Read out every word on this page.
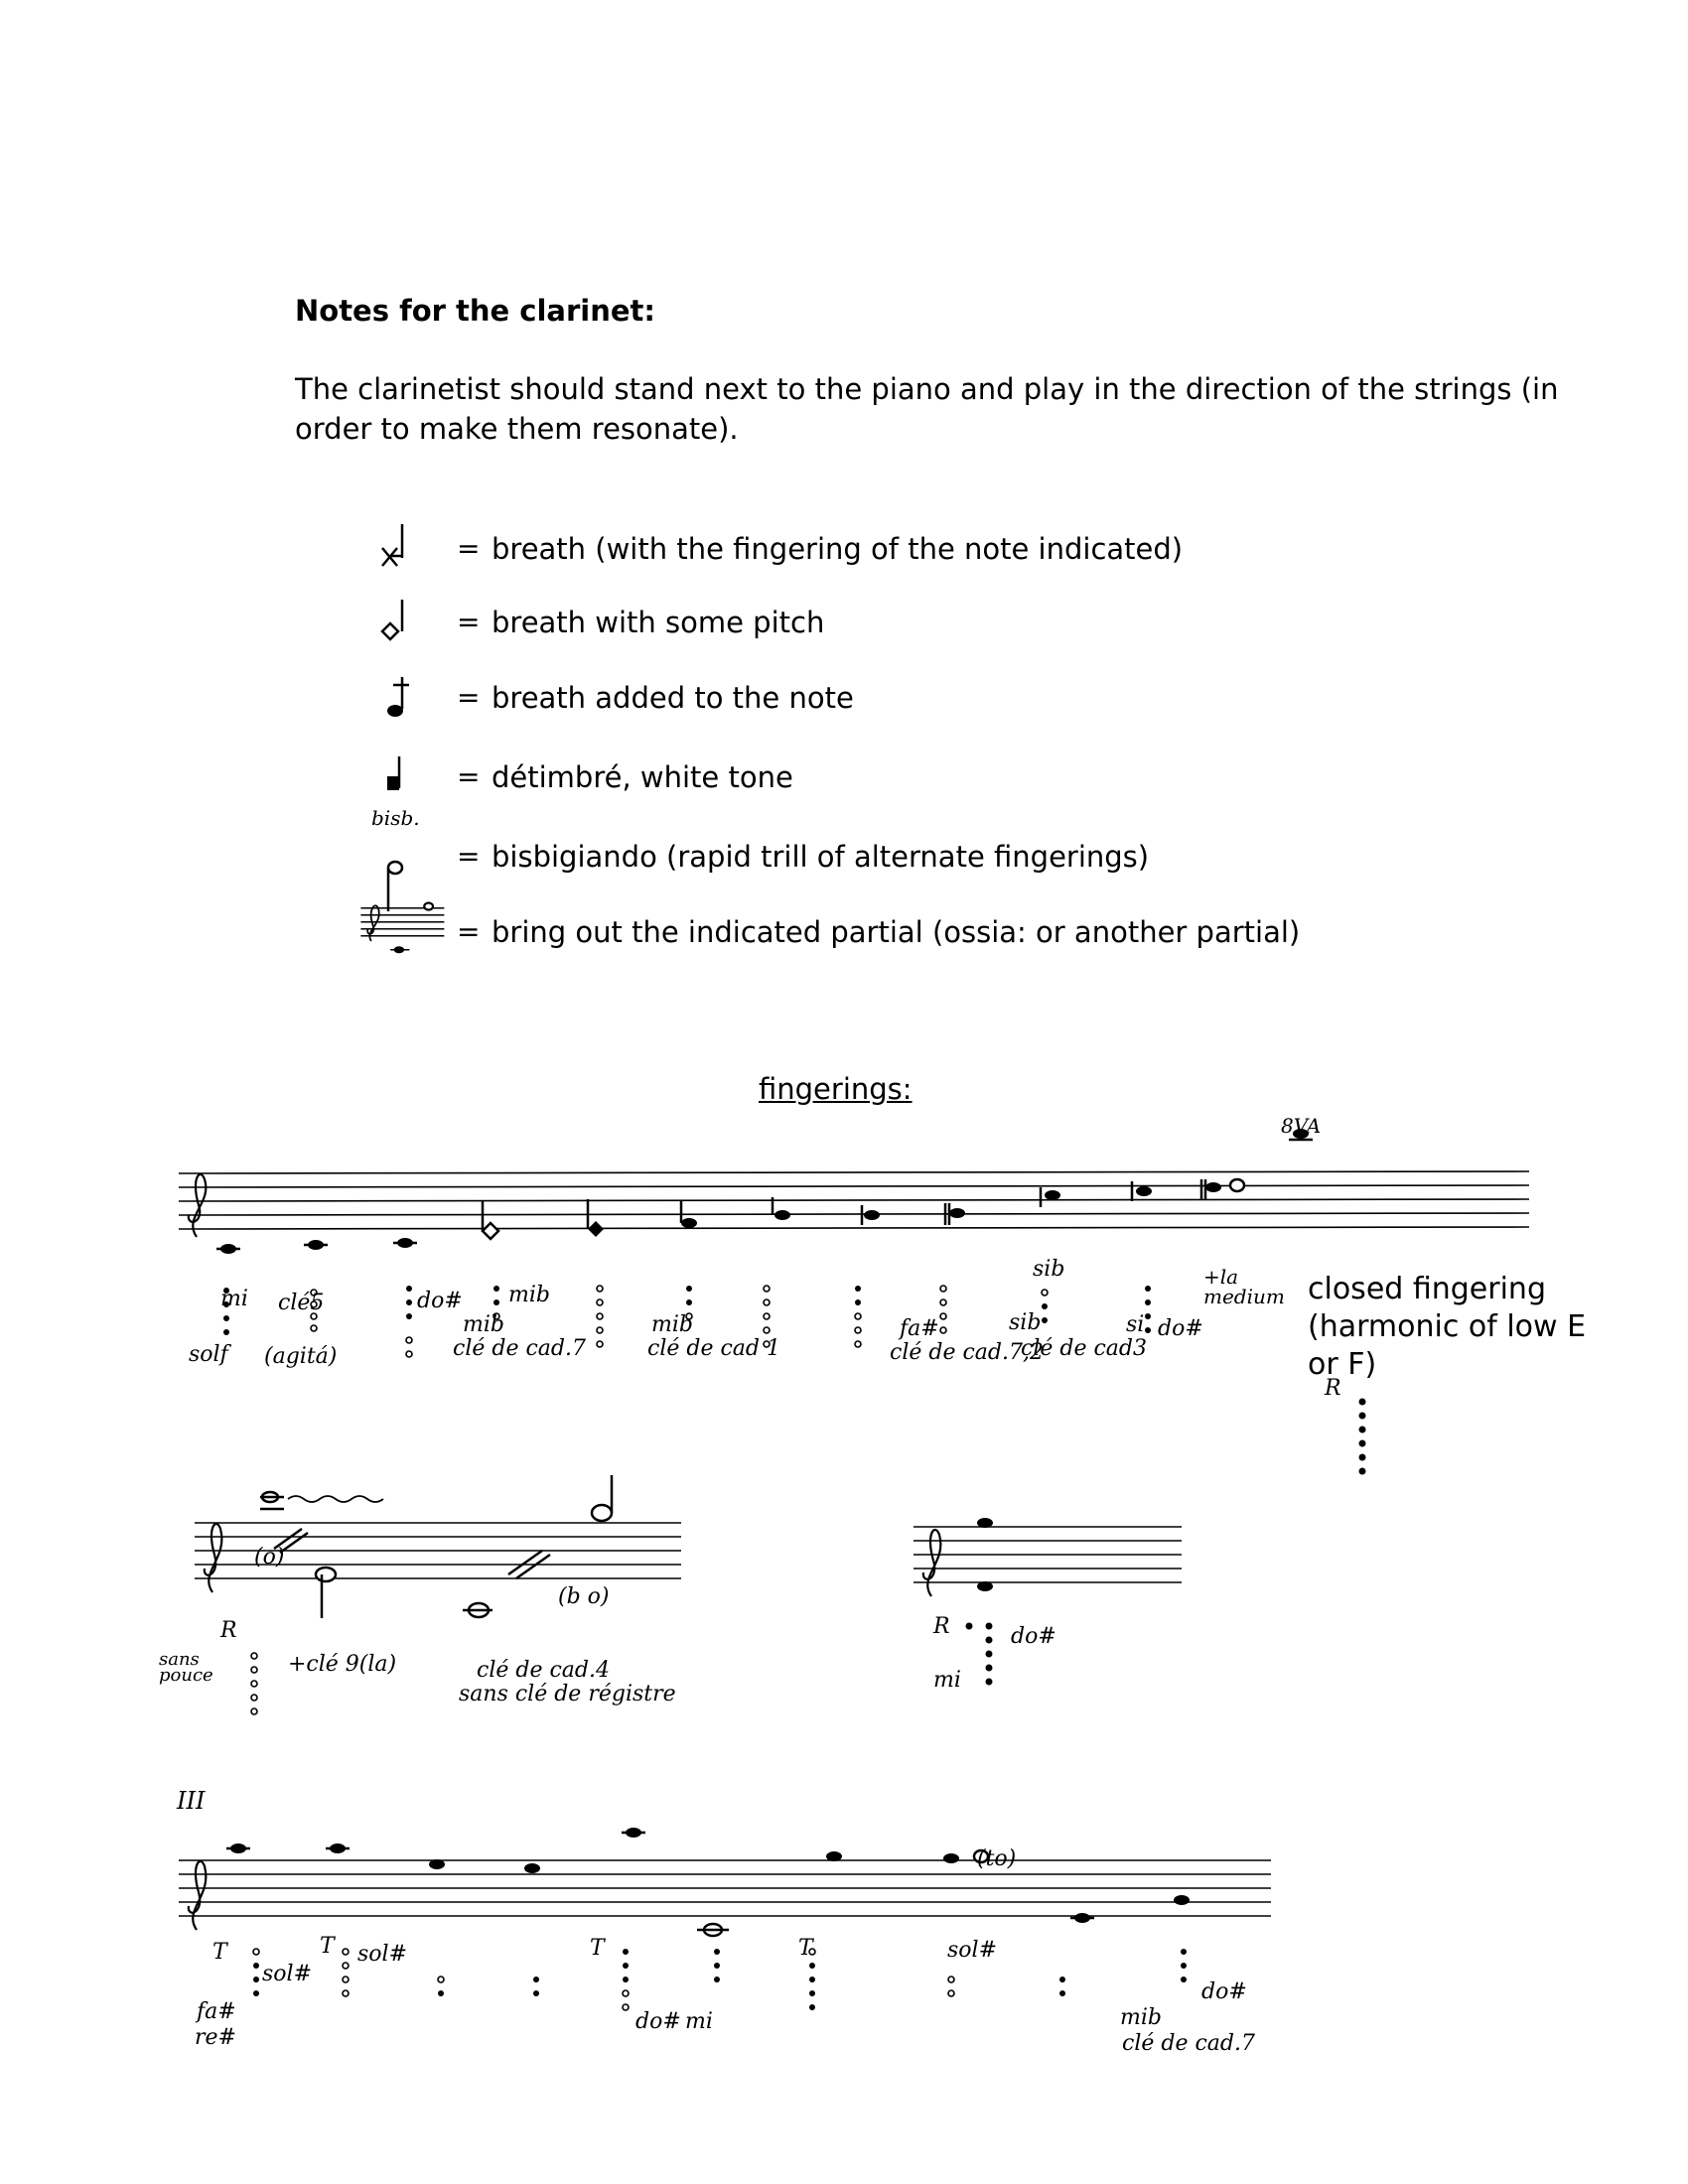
Notes for the clarinet:
The clarinetist should stand next to the piano and play in the direction of the strings (in order to make them resonate).
= breath (with the fingering of the note indicated)
= breath with some pitch
= breath added to the note
= détimbré, white tone
bisb.
= bisbigiando (rapid trill of alternate fingerings)
= bring out the indicated partial (ossia: or another partial)
fingerings:
8VA
mi
solf
clé5
(agitá)
do# mib
mib
clé de cad.7
mib
clé de cad 1
fa#
clé de cad.7,2
clé de cad3
sib
sib	si do#
+la medium closed fingering (harmonic of low E or F)
R
(o)
(b o)
R
sans pouce	+clé 9(la)	clé de cad.4
sans clé de régistre
R	do#
mi
III
(to)
T
sol#
fa#
re#
T sol#	T
do# mi
T	sol#
do#
mib
clé de cad.7
